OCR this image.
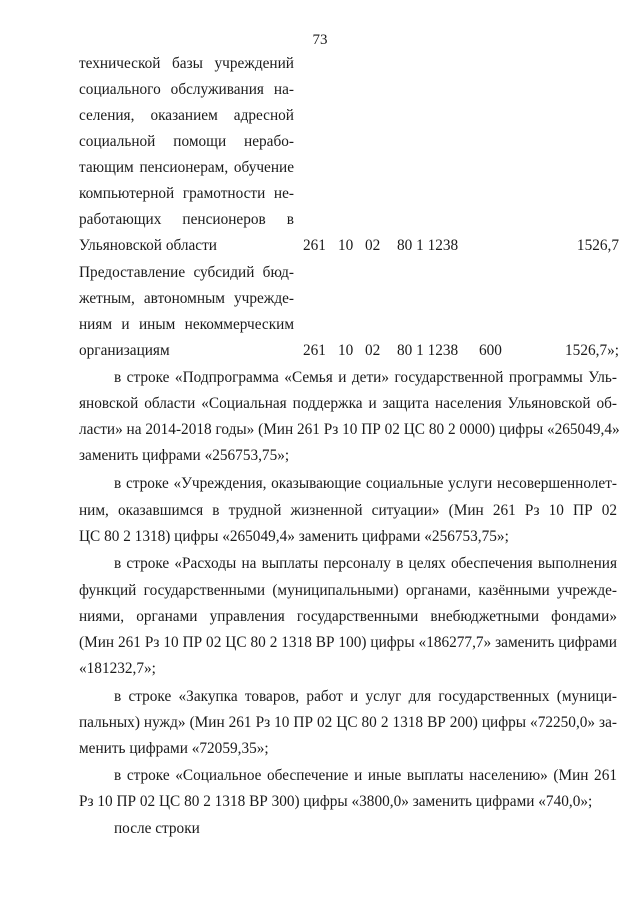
73
технической базы учреждений
социального обслуживания на-
селения, оказанием адресной
социальной помощи нерабо-
тающим пенсионерам, обучение
компьютерной грамотности не-
работающих пенсионеров в
Ульяновской области	261 10 02 80 1 1238	1526,7
Предоставление субсидий бюд-
жетным, автономным учрежде-
ниям и иным некоммерческим
организациям	261 10 02 80 1 1238 600	1526,7»;
в строке «Подпрограмма «Семья и дети» государственной программы Уль-
яновской области «Социальная поддержка и защита населения Ульяновской об-
ласти» на 2014-2018 годы» (Мин 261 Рз 10 ПР 02 ЦС 80 2 0000) цифры «265049,4»
заменить цифрами «256753,75»;
в строке «Учреждения, оказывающие социальные услуги несовершеннолет-
ним, оказавшимся в трудной жизненной ситуации» (Мин 261 Рз 10 ПР 02
ЦС 80 2 1318) цифры «265049,4» заменить цифрами «256753,75»;
в строке «Расходы на выплаты персоналу в целях обеспечения выполнения
функций государственными (муниципальными) органами, казёнными учрежде-
ниями, органами управления государственными внебюджетными фондами»
(Мин 261 Рз 10 ПР 02 ЦС 80 2 1318 ВР 100) цифры «186277,7» заменить цифрами
«181232,7»;
в строке «Закупка товаров, работ и услуг для государственных (муници-
пальных) нужд» (Мин 261 Рз 10 ПР 02 ЦС 80 2 1318 ВР 200) цифры «72250,0» за-
менить цифрами «72059,35»;
в строке «Социальное обеспечение и иные выплаты населению» (Мин 261
Рз 10 ПР 02 ЦС 80 2 1318 ВР 300) цифры «3800,0» заменить цифрами «740,0»;
после строки
